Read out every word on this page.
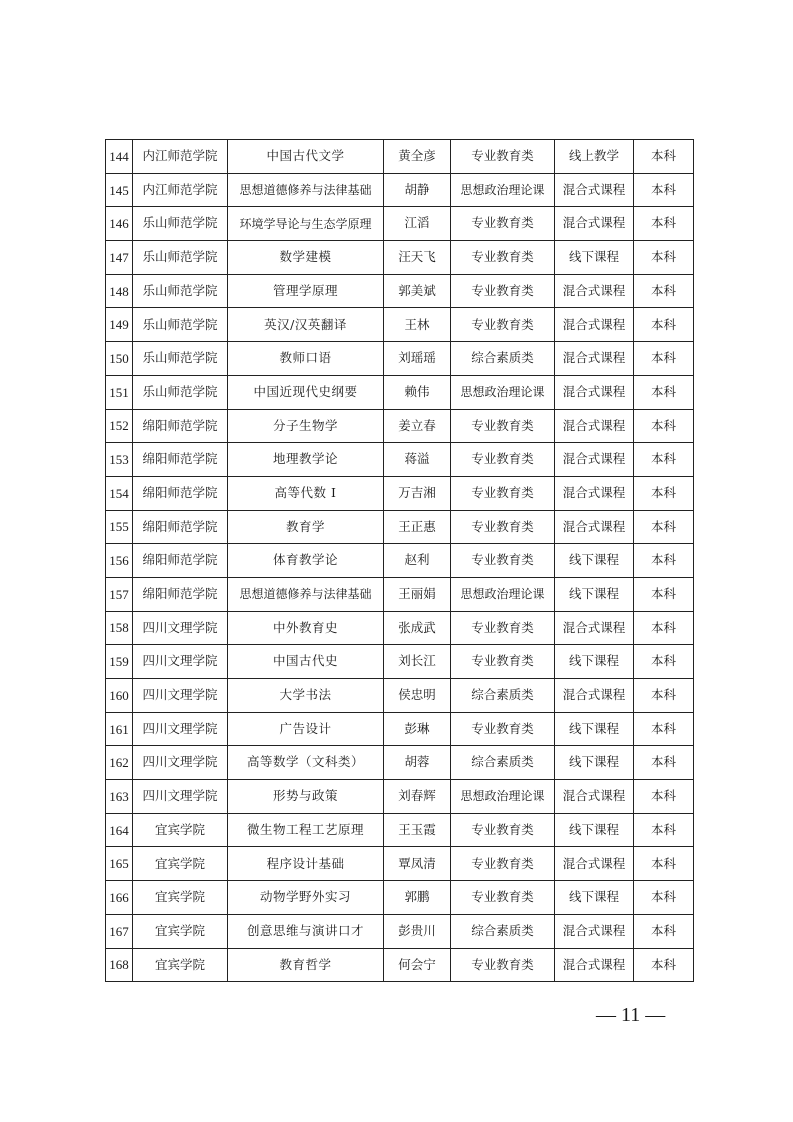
144	内江师范学院	中国古代文学	黄全彦	专业教育类	线上教学	本科
145	内江师范学院	思想道德修养与法律基础	胡静	思想政治理论课	混合式课程	本科
146	乐山师范学院	环境学导论与生态学原理	江滔	专业教育类	混合式课程	本科
147	乐山师范学院	数学建模	汪天飞	专业教育类	线下课程	本科
148	乐山师范学院	管理学原理	郭美斌	专业教育类	混合式课程	本科
149	乐山师范学院	英汉/汉英翻译	王林	专业教育类	混合式课程	本科
150	乐山师范学院	教师口语	刘瑶瑶	综合素质类	混合式课程	本科
151	乐山师范学院	中国近现代史纲要	赖伟	思想政治理论课	混合式课程	本科
152	绵阳师范学院	分子生物学	姜立春	专业教育类	混合式课程	本科
153	绵阳师范学院	地理教学论	蒋溢	专业教育类	混合式课程	本科
154	绵阳师范学院	高等代数 I	万吉湘	专业教育类	混合式课程	本科
155	绵阳师范学院	教育学	王正惠	专业教育类	混合式课程	本科
156	绵阳师范学院	体育教学论	赵利	专业教育类	线下课程	本科
157	绵阳师范学院	思想道德修养与法律基础	王丽娟	思想政治理论课	线下课程	本科
158	四川文理学院	中外教育史	张成武	专业教育类	混合式课程	本科
159	四川文理学院	中国古代史	刘长江	专业教育类	线下课程	本科
160	四川文理学院	大学书法	侯忠明	综合素质类	混合式课程	本科
161	四川文理学院	广告设计	彭琳	专业教育类	线下课程	本科
162	四川文理学院	高等数学（文科类）	胡蓉	综合素质类	线下课程	本科
163	四川文理学院	形势与政策	刘春辉	思想政治理论课	混合式课程	本科
164	宜宾学院	微生物工程工艺原理	王玉霞	专业教育类	线下课程	本科
165	宜宾学院	程序设计基础	覃凤清	专业教育类	混合式课程	本科
166	宜宾学院	动物学野外实习	郭鹏	专业教育类	线下课程	本科
167	宜宾学院	创意思维与演讲口才	彭贵川	综合素质类	混合式课程	本科
168	宜宾学院	教育哲学	何会宁	专业教育类	混合式课程	本科
— 11 —
